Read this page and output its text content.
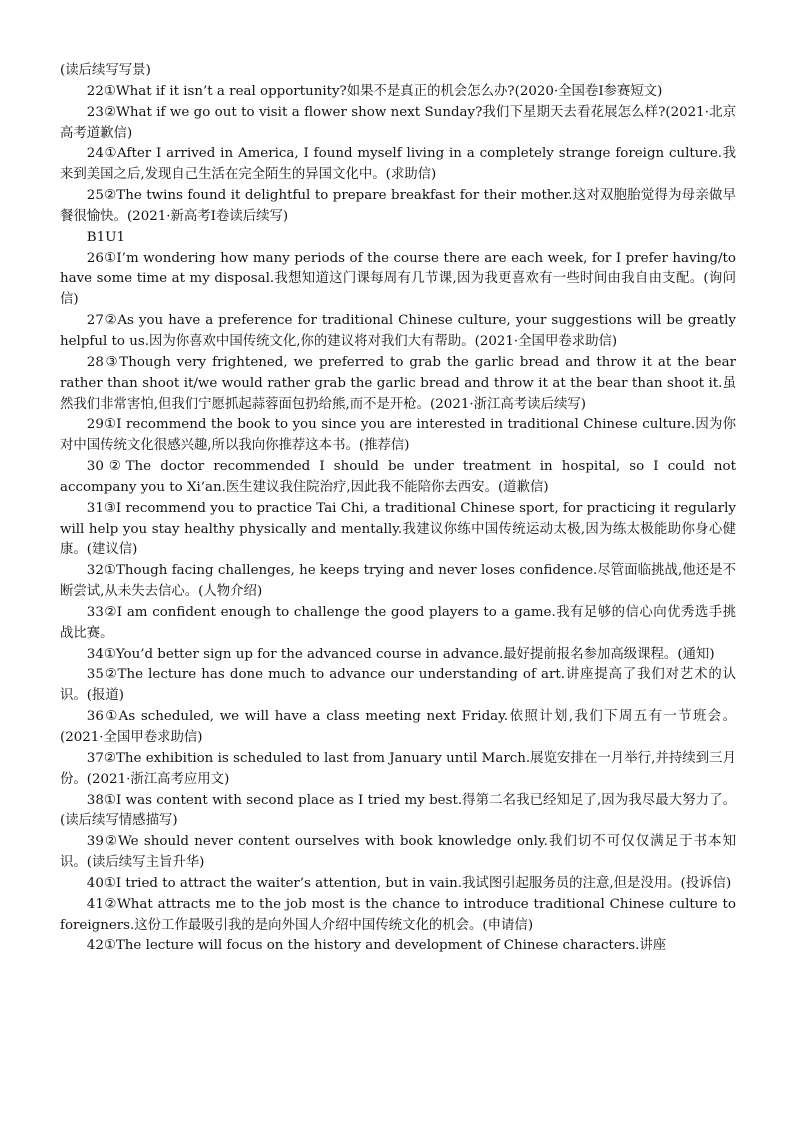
(读后续写写景)

22①What if it isn’t a real opportunity?如果不是真正的机会怎么办?(2020·全国卷Ⅰ参赛短文)

23②What if we go out to visit a flower show next Sunday?我们下星期天去看花展怎么样?(2021·北京高考道歉信)

24①After I arrived in America, I found myself living in a completely strange foreign culture.我来到美国之后,发现自己生活在完全陌生的异国文化中。(求助信)

25②The twins found it delightful to prepare breakfast for their mother.这对双胞胎觉得为母亲做早餐很愉快。(2021·新高考Ⅰ卷读后续写)

B1U1

26①I’m wondering how many periods of the course there are each week, for I prefer having/to have some time at my disposal.我想知道这门课每周有几节课,因为我更喜欢有一些时间由我自由支配。(询问信)

27②As you have a preference for traditional Chinese culture, your suggestions will be greatly helpful to us.因为你喜欢中国传统文化,你的建议将对我们大有帮助。(2021·全国甲卷求助信)

28③Though very frightened, we preferred to grab the garlic bread and throw it at the bear rather than shoot it/we would rather grab the garlic bread and throw it at the bear than shoot it.虽然我们非常害怕,但我们宁愿抓起蒜蓉面包扔给熊,而不是开枪。(2021·浙江高考读后续写)

29①I recommend the book to you since you are interested in traditional Chinese culture.因为你对中国传统文化很感兴趣,所以我向你推荐这本书。(推荐信)

30②The doctor recommended I should be under treatment in hospital, so I could not accompany you to Xi’an.医生建议我住院治疗,因此我不能陪你去西安。(道歉信)

31③I recommend you to practice Tai Chi, a traditional Chinese sport, for practicing it regularly will help you stay healthy physically and mentally.我建议你练中国传统运动太极,因为练太极能助你身心健康。(建议信)

32①Though facing challenges, he keeps trying and never loses confidence.尽管面临挑战,他还是不断尝试,从未失去信心。(人物介绍)

33②I am confident enough to challenge the good players to a game.我有足够的信心向优秀选手挑战比赛。

34①You’d better sign up for the advanced course in advance.最好提前报名参加高级课程。(通知)

35②The lecture has done much to advance our understanding of art.讲座提高了我们对艺术的认识。(报道)

36①As scheduled, we will have a class meeting next Friday.依照计划,我们下周五有一节班会。(2021·全国甲卷求助信)

37②The exhibition is scheduled to last from January until March.展览安排在一月举行,并持续到三月份。(2021·浙江高考应用文)

38①I was content with second place as I tried my best.得第二名我已经知足了,因为我尽最大努力了。(读后续写情感描写)

39②We should never content ourselves with book knowledge only.我们切不可仅仅满足于书本知识。(读后续写主旨升华)

40①I tried to attract the waiter’s attention, but in vain.我试图引起服务员的注意,但是没用。(投诉信)

41②What attracts me to the job most is the chance to introduce traditional Chinese culture to foreigners.这份工作最吸引我的是向外国人介绍中国传统文化的机会。(申请信)

42①The lecture will focus on the history and development of Chinese characters.讲座
